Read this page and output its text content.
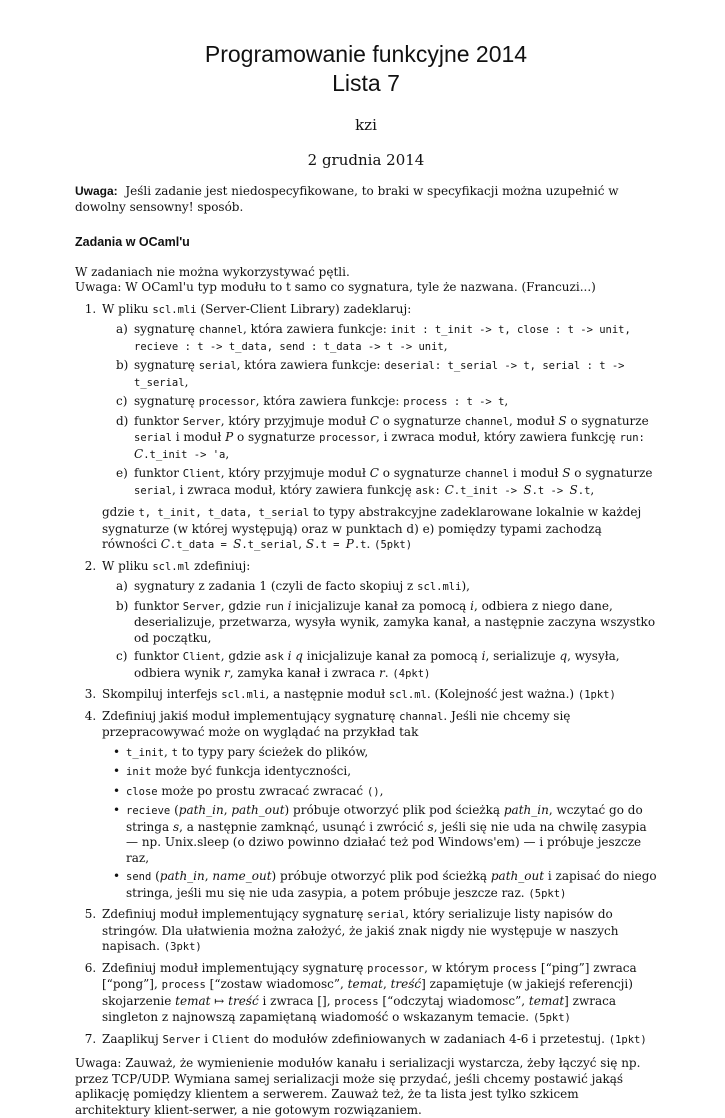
Programowanie funkcyjne 2014
Lista 7
kzi
2 grudnia 2014
Uwaga: Jeśli zadanie jest niedospecyfikowane, to braki w specyfikacji można uzupełnić w dowolny sensowny! sposób.
Zadania w OCaml'u
W zadaniach nie można wykorzystywać pętli.
Uwaga: W OCaml'u typ modułu to t samo co sygnatura, tyle że nazwana. (Francuzi...)
1. W pliku scl.mli (Server-Client Library) zadeklaruj:
a) sygnaturę channel, która zawiera funkcje: init : t_init -> t, close : t -> unit, recieve : t -> t_data, send : t_data -> t -> unit,
b) sygnaturę serial, która zawiera funkcje: deserial: t_serial -> t, serial : t -> t_serial,
c) sygnaturę processor, która zawiera funkcje: process : t -> t,
d) funktor Server, który przyjmuje moduł C o sygnaturze channel, moduł S o sygnaturze serial i moduł P o sygnaturze processor, i zwraca moduł, który zawiera funkcję run: C.t_init -> 'a,
e) funktor Client, który przyjmuje moduł C o sygnaturze channel i moduł S o sygnaturze serial, i zwraca moduł, który zawiera funkcję ask: C.t_init -> S.t -> S.t,
gdzie t, t_init, t_data, t_serial to typy abstrakcyjne zadeklarowane lokalnie w każdej sygnaturze (w której występują) oraz w punktach d) e) pomiędzy typami zachodzą równości C.t_data = S.t_serial, S.t = P.t. (5pkt)
2. W pliku scl.ml zdefiniuj:
a) sygnatury z zadania 1 (czyli de facto skopiuj z scl.mli),
b) funktor Server, gdzie run i inicjalizuje kanał za pomocą i, odbiera z niego dane, deserializuje, przetwarza, wysyła wynik, zamyka kanał, a następnie zaczyna wszystko od początku,
c) funktor Client, gdzie ask i q inicjalizuje kanał za pomocą i, serializuje q, wysyła, odbiera wynik r, zamyka kanał i zwraca r. (4pkt)
3. Skompiluj interfejs scl.mli, a następnie moduł scl.ml. (Kolejność jest ważna.) (1pkt)
4. Zdefiniuj jakiś moduł implementujący sygnaturę channal. Jeśli nie chcemy się przepracowywać może on wyglądać na przykład tak
• t_init, t to typy pary ścieżek do plików,
• init może być funkcja identyczności,
• close może po prostu zwracać zwracać (),
• recieve (path_in, path_out) próbuje otworzyć plik pod ścieżką path_in, wczytać go do stringa s, a następnie zamknąć, usunąć i zwrócić s, jeśli się nie uda na chwilę zasypia — np. Unix.sleep (o dziwo powinno działać też pod Windows'em) — i próbuje jeszcze raz,
• send (path_in, name_out) próbuje otworzyć plik pod ścieżką path_out i zapisać do niego stringa, jeśli mu się nie uda zasypia, a potem próbuje jeszcze raz. (5pkt)
5. Zdefiniuj moduł implementujący sygnaturę serial, który serializuje listy napisów do stringów. Dla ułatwienia można założyć, że jakiś znak nigdy nie występuje w naszych napisach. (3pkt)
6. Zdefiniuj moduł implementujący sygnaturę processor, w którym process [“ping”] zwraca [“pong”], process [“zostaw wiadomosc”, temat, treść] zapamiętuje (w jakiejś referencji) skojarzenie temat ↦ treść i zwraca [], process [“odczytaj wiadomosc”, temat] zwraca singleton z najnowszą zapamiętaną wiadomość o wskazanym temacie. (5pkt)
7. Zaaplikuj Server i Client do modułów zdefiniowanych w zadaniach 4-6 i przetestuj. (1pkt)
Uwaga: Zauważ, że wymienienie modułów kanału i serializacji wystarcza, żeby łączyć się np. przez TCP/UDP. Wymiana samej serializacji może się przydać, jeśli chcemy postawić jakąś aplikację pomiędzy klientem a serwerem. Zauważ też, że ta lista jest tylko szkicem architektury klient-serwer, a nie gotowym rozwiązaniem.
